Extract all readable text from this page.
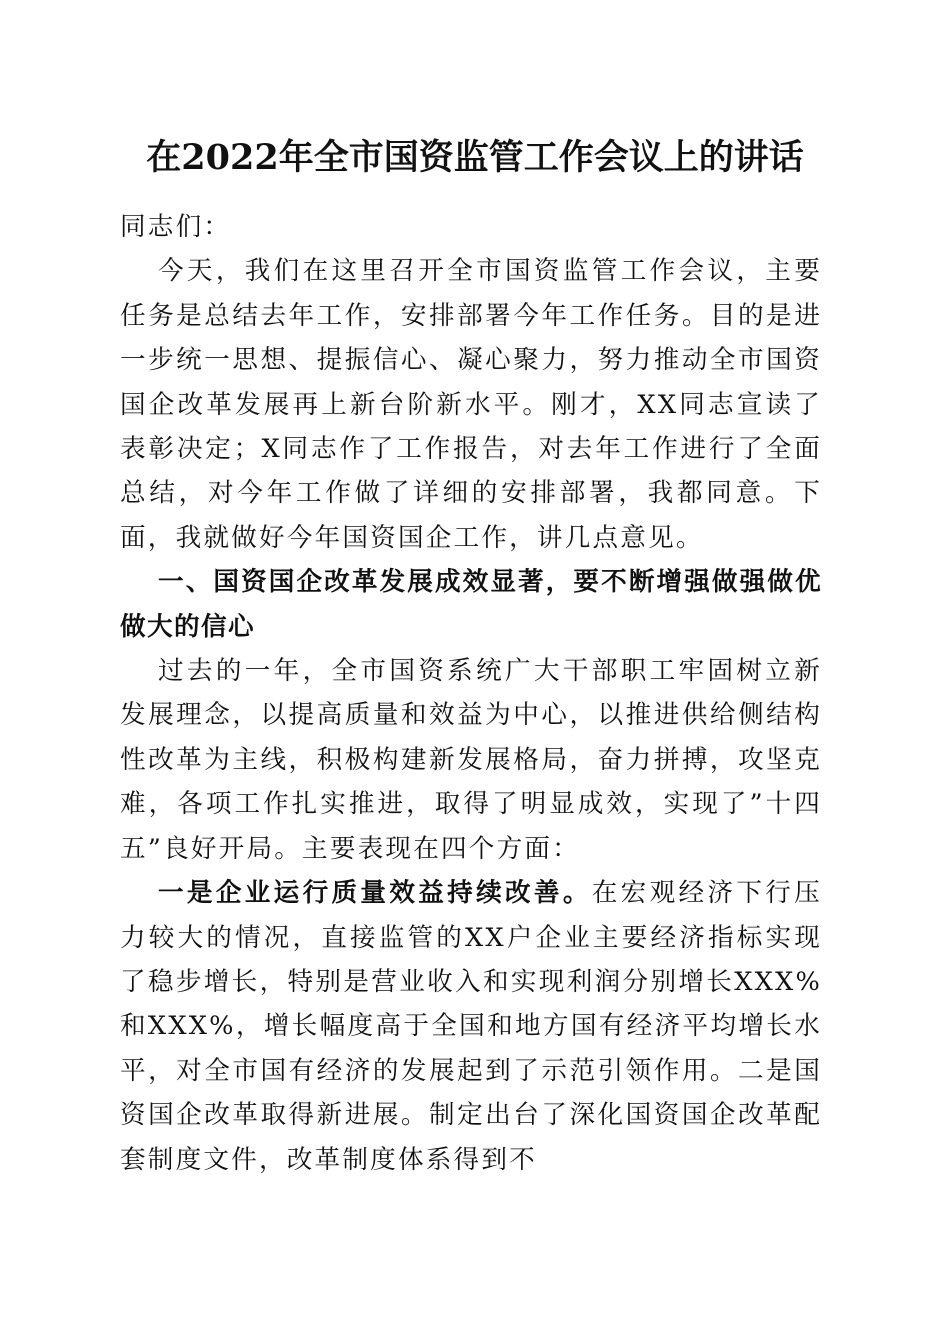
在2022年全市国资监管工作会议上的讲话

同志们：

今天，我们在这里召开全市国资监管工作会议，主要任务是总结去年工作，安排部署今年工作任务。目的是进一步统一思想、提振信心、凝心聚力，努力推动全市国资国企改革发展再上新台阶新水平。刚才，XX同志宣读了表彰决定；X同志作了工作报告，对去年工作进行了全面总结，对今年工作做了详细的安排部署，我都同意。下面，我就做好今年国资国企工作，讲几点意见。

一、国资国企改革发展成效显著，要不断增强做强做优做大的信心

过去的一年，全市国资系统广大干部职工牢固树立新发展理念，以提高质量和效益为中心，以推进供给侧结构性改革为主线，积极构建新发展格局，奋力拼搏，攻坚克难，各项工作扎实推进，取得了明显成效，实现了”十四五”良好开局。主要表现在四个方面：

一是企业运行质量效益持续改善。在宏观经济下行压力较大的情况，直接监管的XX户企业主要经济指标实现了稳步增长，特别是营业收入和实现利润分别增长XXX%和XXX%，增长幅度高于全国和地方国有经济平均增长水平，对全市国有经济的发展起到了示范引领作用。二是国资国企改革取得新进展。制定出台了深化国资国企改革配套制度文件，改革制度体系得到不
